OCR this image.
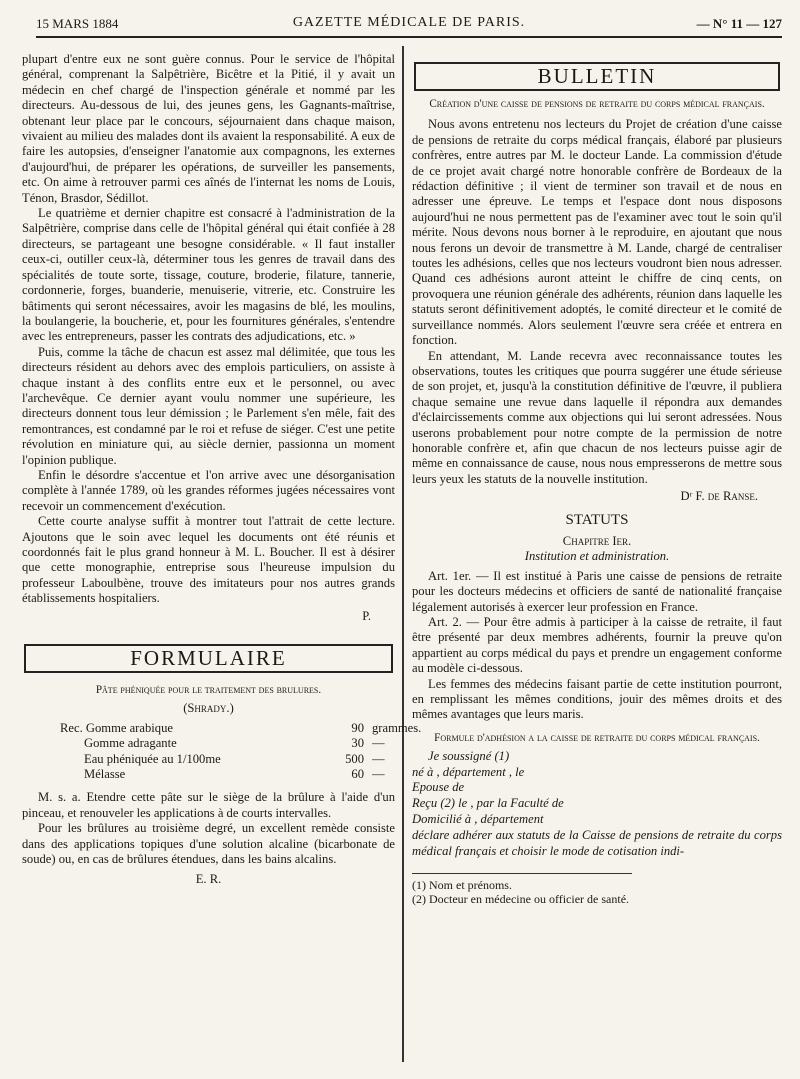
15 MARS 1884	GAZETTE MÉDICALE DE PARIS.	— N° 11 — 127

plupart d'entre eux ne sont guère connus. Pour le service de l'hôpital général, comprenant la Salpêtrière, Bicêtre et la Pitié, il y avait un médecin en chef chargé de l'inspection générale et nommé par les directeurs. Au-dessous de lui, des jeunes gens, les Gagnants-maîtrise, obtenant leur place par le concours, séjournaient dans chaque maison, vivaient au milieu des malades dont ils avaient la responsabilité. A eux de faire les autopsies, d'enseigner l'anatomie aux compagnons, les externes d'aujourd'hui, de préparer les opérations, de surveiller les pansements, etc. On aime à retrouver parmi ces aînés de l'internat les noms de Louis, Ténon, Brasdor, Sédillot.

Le quatrième et dernier chapitre est consacré à l'administration de la Salpêtrière, comprise dans celle de l'hôpital général qui était confiée à 28 directeurs, se partageant une besogne considérable. « Il faut installer ceux-ci, outiller ceux-là, déterminer tous les genres de travail dans des spécialités de toute sorte, tissage, couture, broderie, filature, tannerie, cordonnerie, forges, buanderie, menuiserie, vitrerie, etc. Construire les bâtiments qui seront nécessaires, avoir les magasins de blé, les moulins, la boulangerie, la boucherie, et, pour les fournitures générales, s'entendre avec les entrepreneurs, passer les contrats des adjudications, etc. »

Puis, comme la tâche de chacun est assez mal délimitée, que tous les directeurs résident au dehors avec des emplois particuliers, on assiste à chaque instant à des conflits entre eux et le personnel, ou avec l'archevêque. Ce dernier ayant voulu nommer une supérieure, les directeurs donnent tous leur démission ; le Parlement s'en mêle, fait des remontrances, est condamné par le roi et refuse de siéger. C'est une petite révolution en miniature qui, au siècle dernier, passionna un moment l'opinion publique.

Enfin le désordre s'accentue et l'on arrive avec une désorganisation complète à l'année 1789, où les grandes réformes jugées nécessaires vont recevoir un commencement d'exécution.

Cette courte analyse suffit à montrer tout l'attrait de cette lecture. Ajoutons que le soin avec lequel les documents ont été réunis et coordonnés fait le plus grand honneur à M. L. Boucher. Il est à désirer que cette monographie, entreprise sous l'heureuse impulsion du professeur Laboulbène, trouve des imitateurs pour nos autres grands établissements hospitaliers.

P.
FORMULAIRE
Pâte phéniquée pour le traitement des brulures.
(Shrady.)
Rec. Gomme arabique	90 grammes.
Gomme adragante	30 —
Eau phéniquée au 1/100me	500 —
Mélasse	60 —

M. s. a. Etendre cette pâte sur le siège de la brûlure à l'aide d'un pinceau, et renouveler les applications à de courts intervalles.

Pour les brûlures au troisième degré, un excellent remède consiste dans des applications topiques d'une solution alcaline (bicarbonate de soude) ou, en cas de brûlures étendues, dans les bains alcalins.

E. R.
BULLETIN
Création d'une caisse de pensions de retraite du corps médical français.

Nous avons entretenu nos lecteurs du Projet de création d'une caisse de pensions de retraite du corps médical français, élaboré par plusieurs confrères, entre autres par M. le docteur Lande. La commission d'étude de ce projet avait chargé notre honorable confrère de Bordeaux de la rédaction définitive ; il vient de terminer son travail et de nous en adresser une épreuve. Le temps et l'espace dont nous disposons aujourd'hui ne nous permettent pas de l'examiner avec tout le soin qu'il mérite. Nous devons nous borner à le reproduire, en ajoutant que nous nous ferons un devoir de transmettre à M. Lande, chargé de centraliser toutes les adhésions, celles que nos lecteurs voudront bien nous adresser. Quand ces adhésions auront atteint le chiffre de cinq cents, on provoquera une réunion générale des adhérents, réunion dans laquelle les statuts seront définitivement adoptés, le comité directeur et le comité de surveillance nommés. Alors seulement l'œuvre sera créée et entrera en fonction.

En attendant, M. Lande recevra avec reconnaissance toutes les observations, toutes les critiques que pourra suggérer une étude sérieuse de son projet, et, jusqu'à la constitution définitive de l'œuvre, il publiera chaque semaine une revue dans laquelle il répondra aux demandes d'éclaircissements comme aux objections qui lui seront adressées. Nous userons probablement pour notre compte de la permission de notre honorable confrère et, afin que chacun de nos lecteurs puisse agir de même en connaissance de cause, nous nous empresserons de mettre sous leurs yeux les statuts de la nouvelle institution.

Dʳ F. de Ranse.
STATUTS
Chapitre Ier.
Institution et administration.

Art. 1er. — Il est institué à Paris une caisse de pensions de retraite pour les docteurs médecins et officiers de santé de nationalité française légalement autorisés à exercer leur profession en France.

Art. 2. — Pour être admis à participer à la caisse de retraite, il faut être présenté par deux membres adhérents, fournir la preuve qu'on appartient au corps médical du pays et prendre un engagement conforme au modèle ci-dessous.

Les femmes des médecins faisant partie de cette institution pourront, en remplissant les mêmes conditions, jouir des mêmes droits et des mêmes avantages que leurs maris.

Formule d'adhésion a la caisse de retraite du corps médical français.
Je soussigné (1)
né à , département , le
Epouse de
Reçu (2) le , par la Faculté de
Domicilié à , département
déclare adhérer aux statuts de la Caisse de pensions de retraite du corps médical français et choisir le mode de cotisation indi-
(1) Nom et prénoms.
(2) Docteur en médecine ou officier de santé.
